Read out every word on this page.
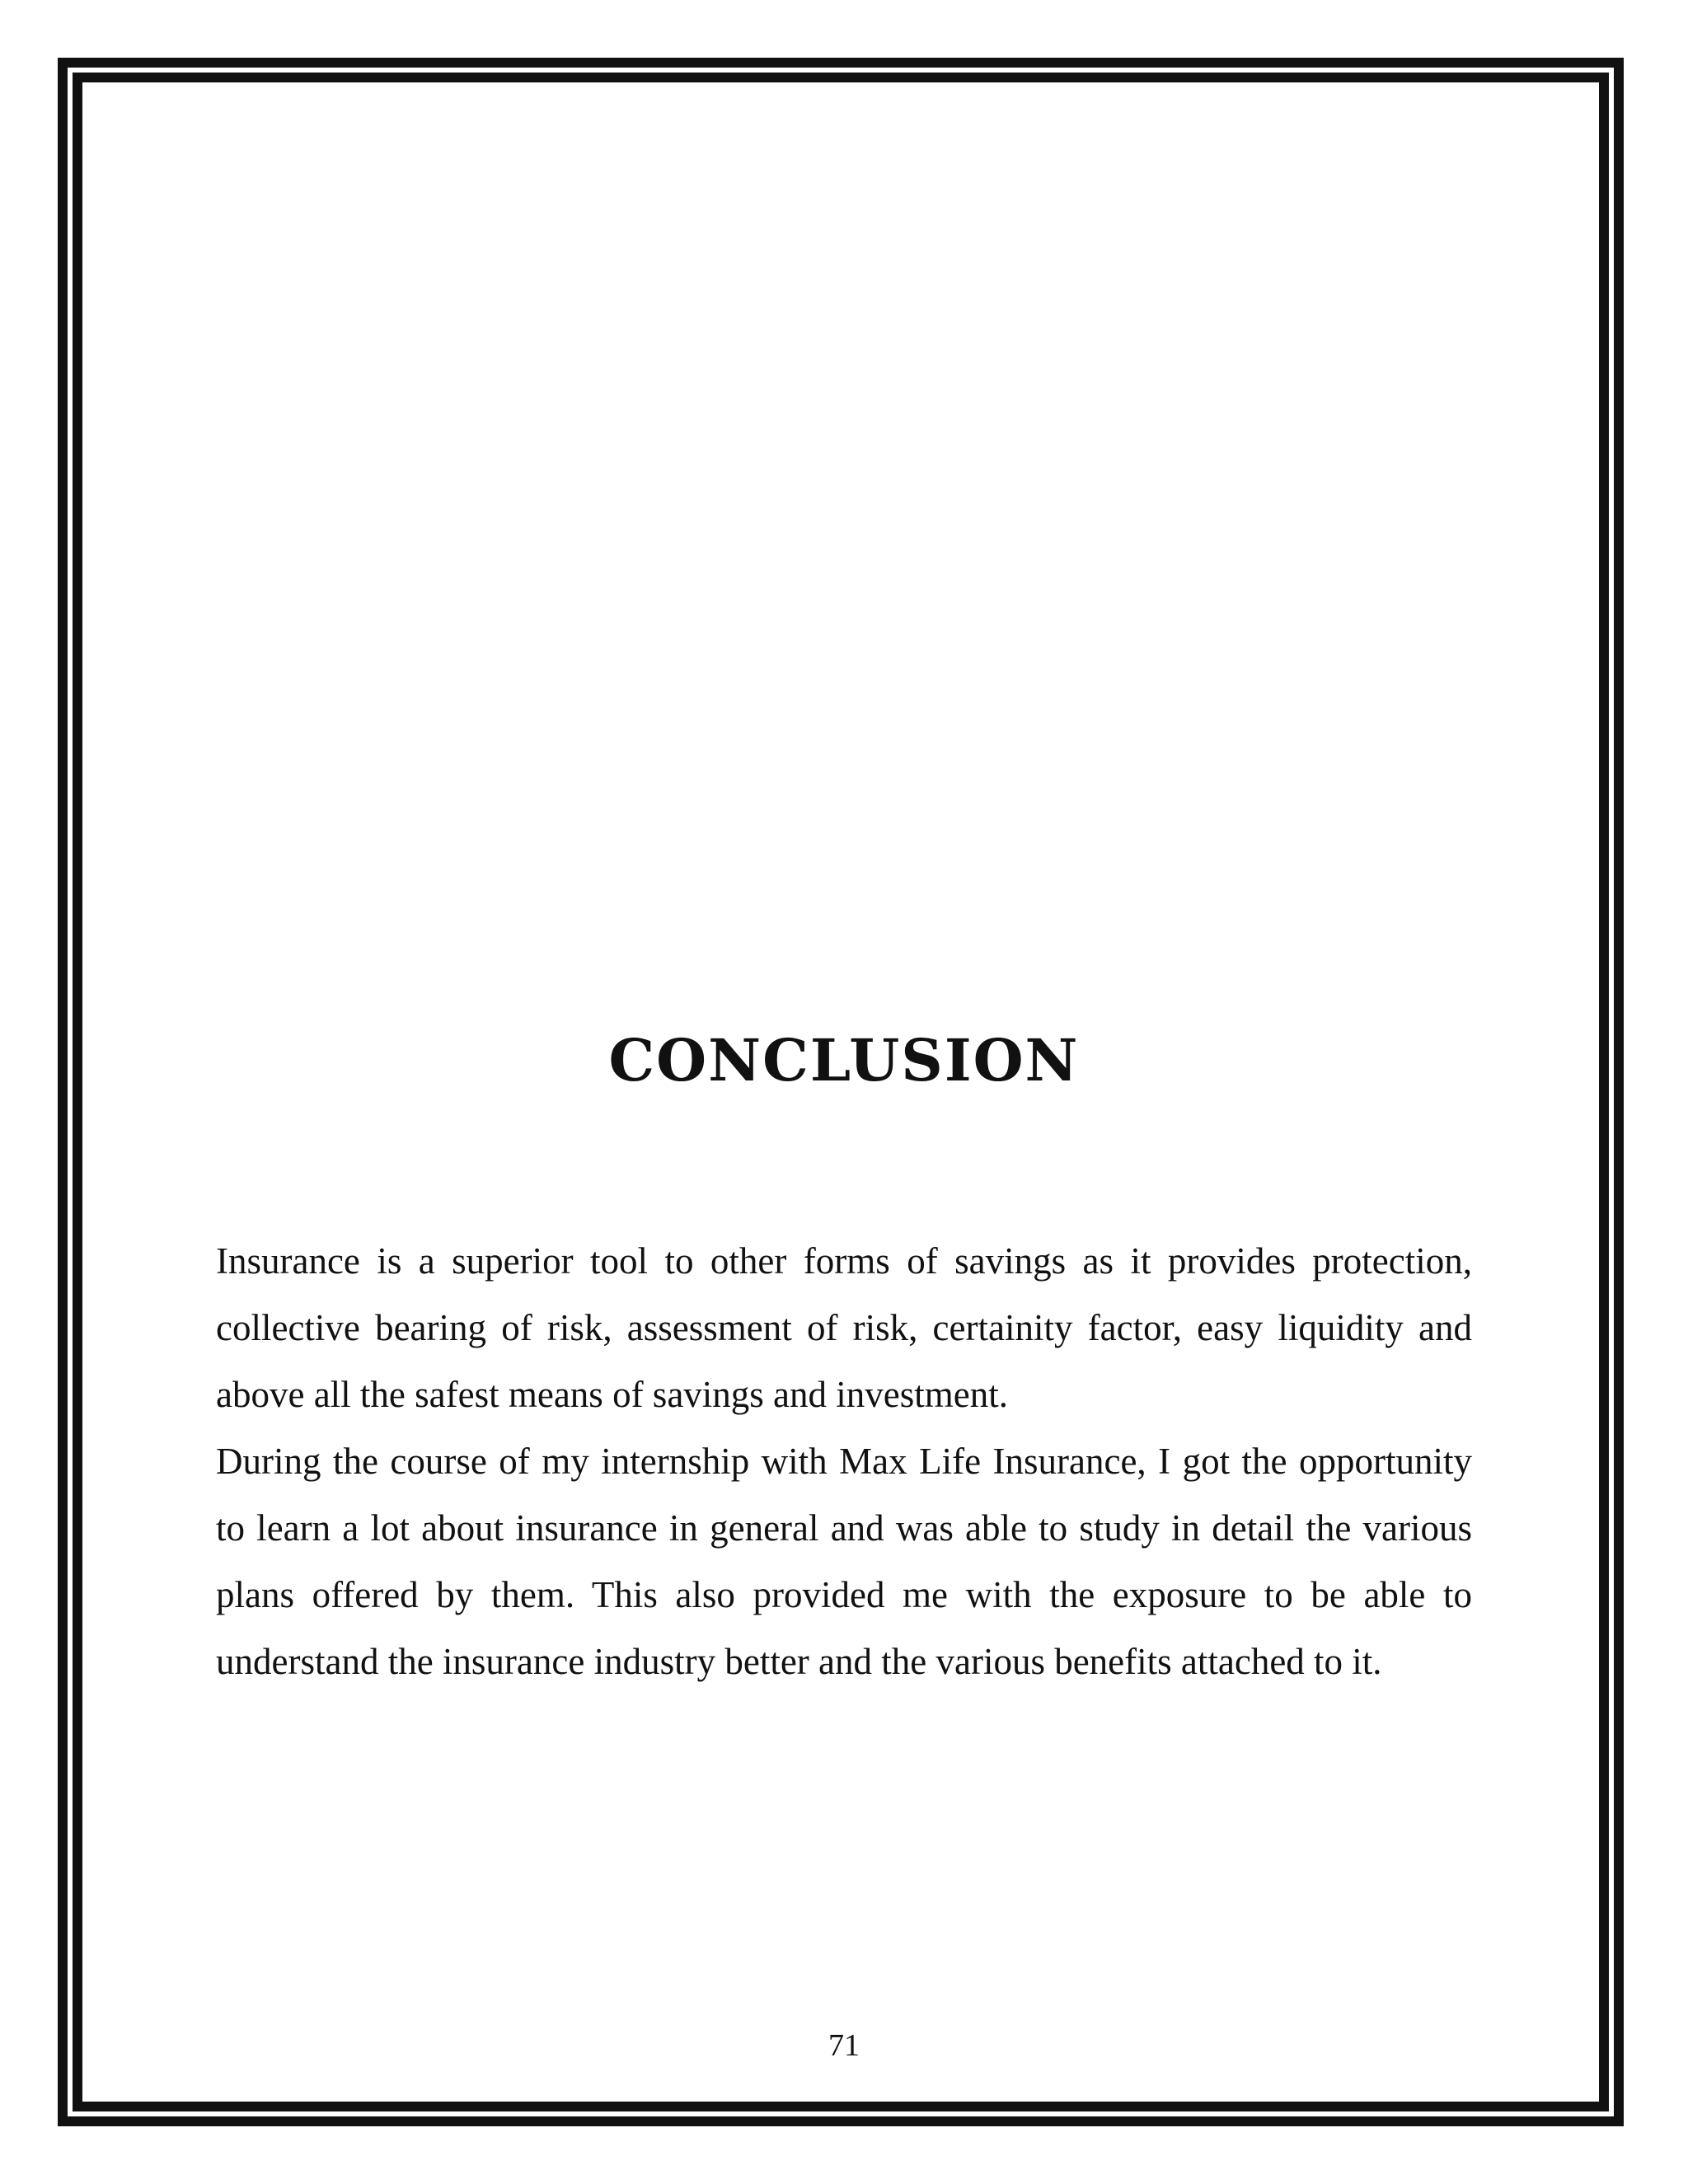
CONCLUSION

Insurance is a superior tool to other forms of savings as it provides protection, collective bearing of risk, assessment of risk, certainity factor, easy liquidity and above all the safest means of savings and investment.

During the course of my internship with Max Life Insurance, I got the opportunity to learn a lot about insurance in general and was able to study in detail the various plans offered by them. This also provided me with the exposure to be able to understand the insurance industry better and the various benefits attached to it.

71
